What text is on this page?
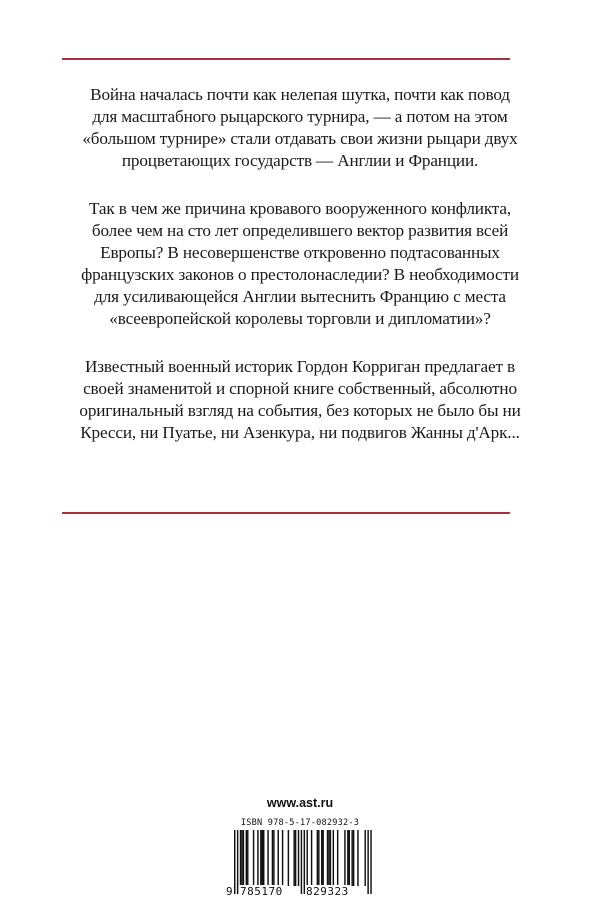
Война началась почти как нелепая шутка, почти как повод
для масштабного рыцарского турнира, — а потом на этом
«большом турнире» стали отдавать свои жизни рыцари двух
процветающих государств — Англии и Франции.

Так в чем же причина кровавого вооруженного конфликта,
более чем на сто лет определившего вектор развития всей
Европы? В несовершенстве откровенно подтасованных
французских законов о престолонаследии? В необходимости
для усиливающейся Англии вытеснить Францию с места
«всеевропейской королевы торговли и дипломатии»?

Известный военный историк Гордон Корриган предлагает в
своей знаменитой и спорной книге собственный, абсолютно
оригинальный взгляд на события, без которых не было бы ни
Кресси, ни Пуатье, ни Азенкура, ни подвигов Жанны д'Арк...

www.ast.ru
ISBN 978-5-17-082932-3
9 785170 829323
